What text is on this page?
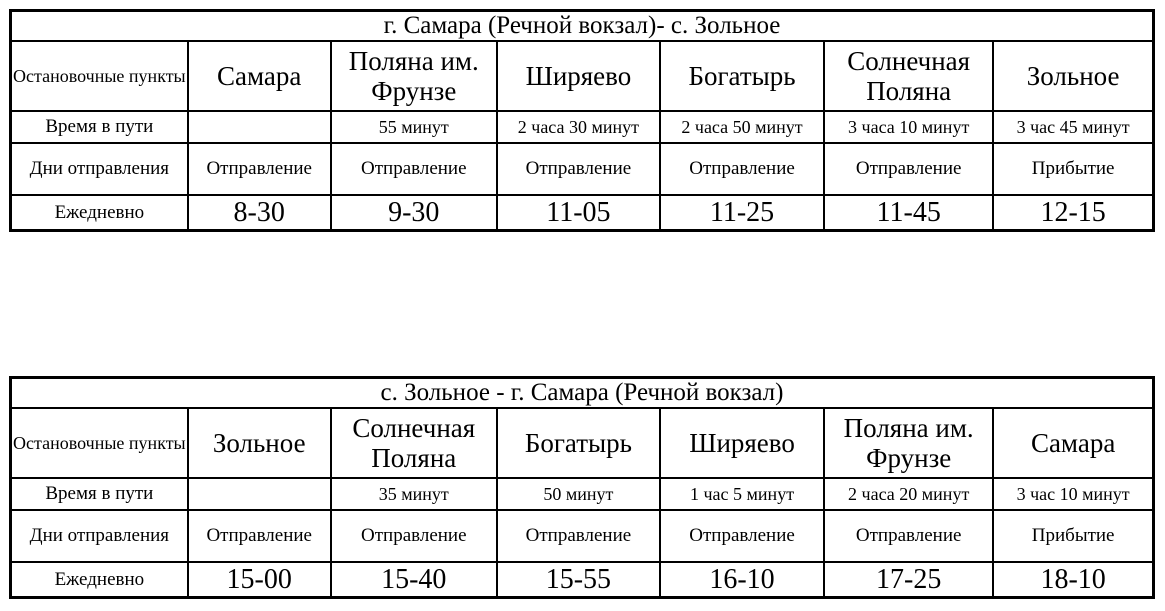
г. Самара (Речной вокзал)- с. Зольное						
Остановочные пункты	Самара	Поляна им. Фрунзе	Ширяево	Богатырь	Солнечная Поляна	Зольное
Время в пути		55 минут	2 часа 30 минут	2 часа 50 минут	3 часа 10 минут	3 час 45 минут
Дни отправления	Отправление	Отправление	Отправление	Отправление	Отправление	Прибытие
Ежедневно	8-30	9-30	11-05	11-25	11-45	12-15
с. Зольное - г. Самара (Речной вокзал)						
Остановочные пункты	Зольное	Солнечная Поляна	Богатырь	Ширяево	Поляна им. Фрунзе	Самара
Время в пути		35 минут	50 минут	1 час 5 минут	2 часа 20 минут	3 час 10 минут
Дни отправления	Отправление	Отправление	Отправление	Отправление	Отправление	Прибытие
Ежедневно	15-00	15-40	15-55	16-10	17-25	18-10
